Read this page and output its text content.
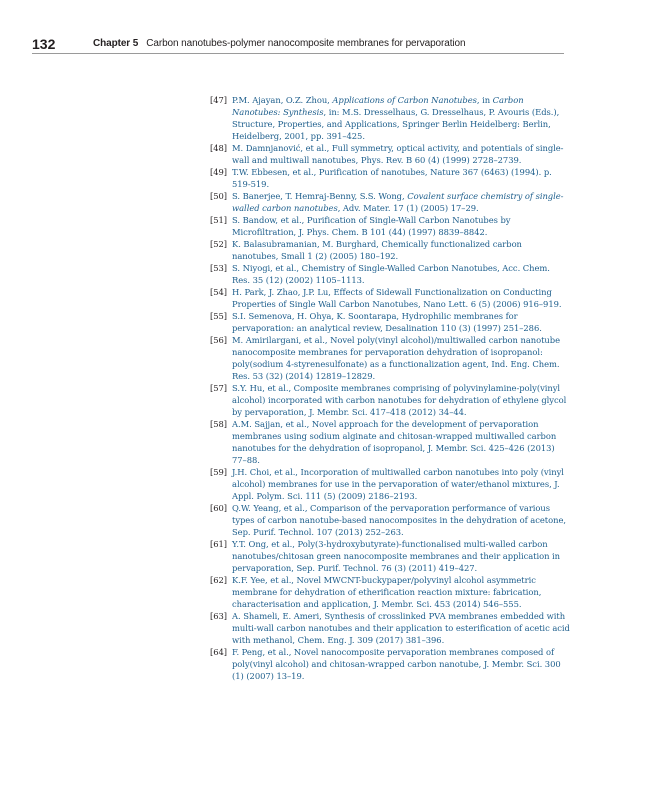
132	Chapter 5 Carbon nanotubes-polymer nanocomposite membranes for pervaporation
[47] P.M. Ajayan, O.Z. Zhou, Applications of Carbon Nanotubes, in Carbon Nanotubes: Synthesis, in: M.S. Dresselhaus, G. Dresselhaus, P. Avouris (Eds.), Structure, Properties, and Applications, Springer Berlin Heidelberg: Berlin, Heidelberg, 2001, pp. 391–425.
[48] M. Damnjanović, et al., Full symmetry, optical activity, and potentials of single-wall and multiwall nanotubes, Phys. Rev. B 60 (4) (1999) 2728–2739.
[49] T.W. Ebbesen, et al., Purification of nanotubes, Nature 367 (6463) (1994). p. 519-519.
[50] S. Banerjee, T. Hemraj-Benny, S.S. Wong, Covalent surface chemistry of single-walled carbon nanotubes, Adv. Mater. 17 (1) (2005) 17–29.
[51] S. Bandow, et al., Purification of Single-Wall Carbon Nanotubes by Microfiltration, J. Phys. Chem. B 101 (44) (1997) 8839–8842.
[52] K. Balasubramanian, M. Burghard, Chemically functionalized carbon nanotubes, Small 1 (2) (2005) 180–192.
[53] S. Niyogi, et al., Chemistry of Single-Walled Carbon Nanotubes, Acc. Chem. Res. 35 (12) (2002) 1105–1113.
[54] H. Park, J. Zhao, J.P. Lu, Effects of Sidewall Functionalization on Conducting Properties of Single Wall Carbon Nanotubes, Nano Lett. 6 (5) (2006) 916–919.
[55] S.I. Semenova, H. Ohya, K. Soontarapa, Hydrophilic membranes for pervaporation: an analytical review, Desalination 110 (3) (1997) 251–286.
[56] M. Amirilargani, et al., Novel poly(vinyl alcohol)/multiwalled carbon nanotube nanocomposite membranes for pervaporation dehydration of isopropanol: poly(sodium 4-styrenesulfonate) as a functionalization agent, Ind. Eng. Chem. Res. 53 (32) (2014) 12819–12829.
[57] S.Y. Hu, et al., Composite membranes comprising of polyvinylamine-poly(vinyl alcohol) incorporated with carbon nanotubes for dehydration of ethylene glycol by pervaporation, J. Membr. Sci. 417–418 (2012) 34–44.
[58] A.M. Sajjan, et al., Novel approach for the development of pervaporation membranes using sodium alginate and chitosan-wrapped multiwalled carbon nanotubes for the dehydration of isopropanol, J. Membr. Sci. 425–426 (2013) 77–88.
[59] J.H. Choi, et al., Incorporation of multiwalled carbon nanotubes into poly (vinyl alcohol) membranes for use in the pervaporation of water/ethanol mixtures, J. Appl. Polym. Sci. 111 (5) (2009) 2186–2193.
[60] Q.W. Yeang, et al., Comparison of the pervaporation performance of various types of carbon nanotube-based nanocomposites in the dehydration of acetone, Sep. Purif. Technol. 107 (2013) 252–263.
[61] Y.T. Ong, et al., Poly(3-hydroxybutyrate)-functionalised multi-walled carbon nanotubes/chitosan green nanocomposite membranes and their application in pervaporation, Sep. Purif. Technol. 76 (3) (2011) 419–427.
[62] K.F. Yee, et al., Novel MWCNT-buckypaper/polyvinyl alcohol asymmetric membrane for dehydration of etherification reaction mixture: fabrication, characterisation and application, J. Membr. Sci. 453 (2014) 546–555.
[63] A. Shameli, E. Ameri, Synthesis of crosslinked PVA membranes embedded with multi-wall carbon nanotubes and their application to esterification of acetic acid with methanol, Chem. Eng. J. 309 (2017) 381–396.
[64] F. Peng, et al., Novel nanocomposite pervaporation membranes composed of poly(vinyl alcohol) and chitosan-wrapped carbon nanotube, J. Membr. Sci. 300 (1) (2007) 13–19.
